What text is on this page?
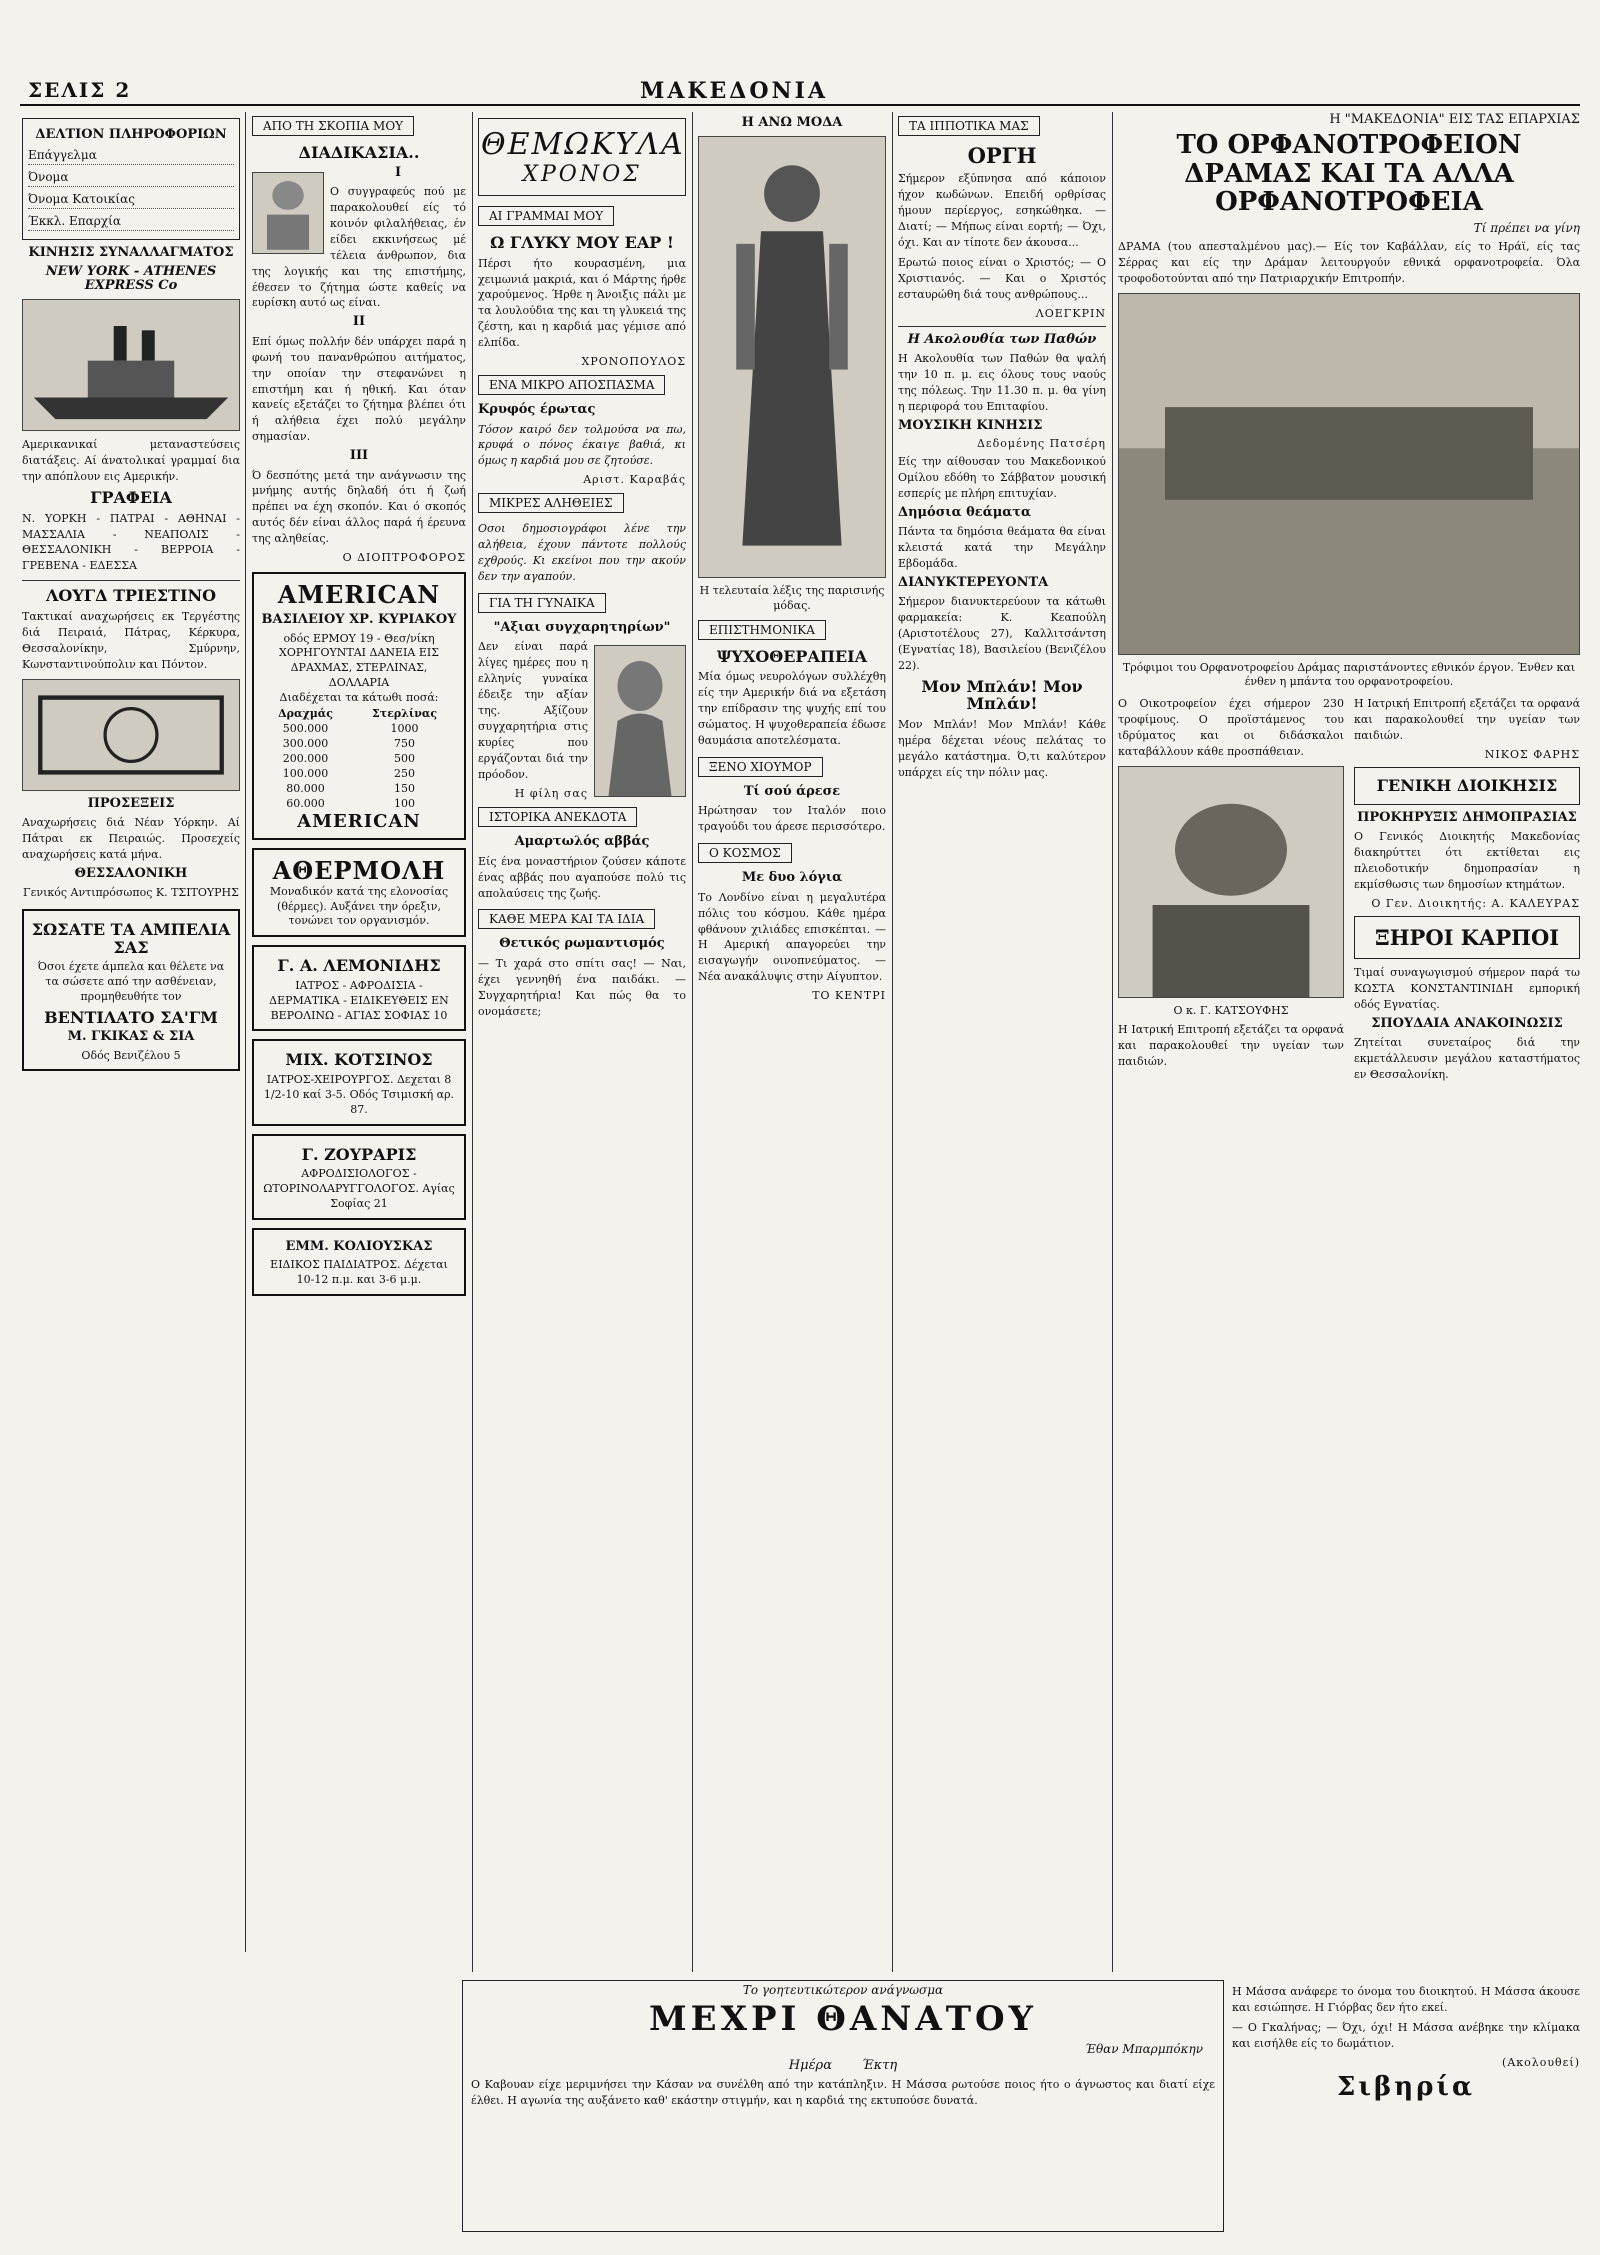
ΣΕΛΙΣ 2	ΜΑΚΕΔΟΝΙΑ
ΔΕΛΤΙΟΝ ΠΛΗΡΟΦΟΡΙΩΝ
Επάγγελμα
Όνομα
Όνομα Κατοικίας
Έκκλ. Επαρχία
ΚΙΝΗΣΙΣ ΣΥΝΑΛΛΑΓΜΑΤΟΣ
NEW YORK - ATHENES EXPRESS Co
Αμερικανικαί μεταναστεύσεις διατάξεις. Αί άνατολικαί γραμμαί δια την απόπλουν εις Αμερικήν.
ΓΡΑΦΕΙΑ
Ν. ΥΟΡΚΗ - ΠΑΤΡΑΙ - ΑΘΗΝΑΙ - ΜΑΣΣΑΛΙΑ - ΝΕΑΠΟΛΙΣ - ΘΕΣΣΑΛΟΝΙΚΗ - ΒΕΡΡΟΙΑ - ΓΡΕΒΕΝΑ - ΕΔΕΣΣΑ
ΛΟΥΓΔ ΤΡΙΕΣΤΙΝΟ
Τακτικαί αναχωρήσεις εκ Τεργέστης διά Πειραιά, Πάτρας, Κέρκυρα, Θεσσαλονίκην, Σμύρνην, Κωνσταντινούπολιν και Πόντον.
ΠΡΟΣΕΞΕΙΣ
Αναχωρήσεις διά Νέαν Υόρκην. Αί Πάτραι εκ Πειραιώς. Προσεχείς αναχωρήσεις κατά μήνα.
ΘΕΣΣΑΛΟΝΙΚΗ
Γενικός Αντιπρόσωπος Κ. ΤΣΙΤΟΥΡΗΣ
ΣΩΣΑΤΕ ΤΑ ΑΜΠΕΛΙΑ ΣΑΣ
Όσοι έχετε άμπελα και θέλετε να τα σώσετε από την ασθένειαν, προμηθευθήτε τον
ΒΕΝΤΙΛΑΤΟ ΣΑ'ΓΜ
Μ. ΓΚΙΚΑΣ & ΣΙΑ
Οδός Βενιζέλου 5
ΑΠΟ ΤΗ ΣΚΟΠΙΑ ΜΟΥ
ΔΙΑΔΙΚΑΣΙΑ..
I
Ο συγγραφεύς πού με παρακολουθεί είς τό κοινόν φιλαλήθειας, έν είδει εκκινήσεως μέ τέλεια άνθρωπον, δια της λογικής και της επιστήμης, έθεσεν το ζήτημα ώστε καθείς να ευρίσκη αυτό ως είναι.
II
Επί όμως πολλήν δέν υπάρχει παρά η φωνή του πανανθρώπου αιτήματος, την οποίαν την στεφανώνει η επιστήμη και ή ηθική. Και όταν κανείς εξετάζει το ζήτημα βλέπει ότι ή αλήθεια έχει πολύ μεγάλην σημασίαν.
III
Ό δεσπότης μετά την ανάγνωσιν της μνήμης αυτής δηλαδή ότι ή ζωή πρέπει να έχη σκοπόν. Και ό σκοπός αυτός δέν είναι άλλος παρά ή έρευνα της αληθείας.
Ο ΔΙΟΠΤΡΟΦΟΡΟΣ
AMERICAN
ΒΑΣΙΛΕΙΟΥ ΧΡ. ΚΥΡΙΑΚΟΥ
οδός ΕΡΜΟΥ 19 - Θεσ/νίκη
ΧΟΡΗΓΟΥΝΤΑΙ ΔΑΝΕΙΑ ΕΙΣ ΔΡΑΧΜΑΣ, ΣΤΕΡΛΙΝΑΣ, ΔΟΛΛΑΡΙΑ
Διαδέχεται τα κάτωθι ποσά:
Δραχμάς	Στερλίνας
500.000	1000
300.000	750
200.000	500
100.000	250
80.000	150
60.000	100
AMERICAN
ΑΘΕΡΜΟΛΗ
Μοναδικόν κατά της ελονοσίας (θέρμες). Αυξάνει την όρεξιν, τονώνει τον οργανισμόν.
Γ. Α. ΛΕΜΟΝΙΔΗΣ
ΙΑΤΡΟΣ - ΑΦΡΟΔΙΣΙΑ - ΔΕΡΜΑΤΙΚΑ - ΕΙΔΙΚΕΥΘΕΙΣ ΕΝ ΒΕΡΟΛΙΝΩ - ΑΓΙΑΣ ΣΟΦΙΑΣ 10
ΜΙΧ. ΚΟΤΣΙΝΟΣ
ΙΑΤΡΟΣ-ΧΕΙΡΟΥΡΓΟΣ. Δεχεται 8 1/2-10 καί 3-5. Οδός Τσιμισκή αρ. 87.
Γ. ΖΟΥΡΑΡΙΣ
ΑΦΡΟΔΙΣΙΟΛΟΓΟΣ - ΩΤΟΡΙΝΟΛΑΡΥΓΓΟΛΟΓΟΣ. Αγίας Σοφίας 21
ΕΜΜ. ΚΟΛΙΟΥΣΚΑΣ
ΕΙΔΙΚΟΣ ΠΑΙΔΙΑΤΡΟΣ. Δέχεται 10-12 π.μ. και 3-6 μ.μ.
ΘΕΜΩΚΥΛΑ
ΧΡΟΝΟΣ
ΑΙ ΓΡΑΜΜΑΙ ΜΟΥ
Ω ΓΛΥΚΥ ΜΟΥ ΕΑΡ !
Πέρσι ήτο κουρασμένη, μια χειμωνιά μακριά, και ό Μάρτης ήρθε χαρούμενος. Ήρθε η Άνοιξις πάλι με τα λουλούδια της και τη γλυκειά της ζέστη, και η καρδιά μας γέμισε από ελπίδα.
ΧΡΟΝΟΠΟΥΛΟΣ
ΕΝΑ ΜΙΚΡΟ ΑΠΟΣΠΑΣΜΑ
Κρυφός έρωτας
Τόσον καιρό δεν τολμούσα να πω, κρυφά ο πόνος έκαιγε βαθιά, κι όμως η καρδιά μου σε ζητούσε.
Αριστ. Καραβάς
ΜΙΚΡΕΣ ΑΛΗΘΕΙΕΣ
Οσοι δημοσιογράφοι λένε την αλήθεια, έχουν πάντοτε πολλούς εχθρούς. Κι εκείνοι που την ακούν δεν την αγαπούν.
ΓΙΑ ΤΗ ΓΥΝΑΙΚΑ
"Αξιαι συγχαρητηρίων"
Δεν είναι παρά λίγες ημέρες που η ελληνίς γυναίκα έδειξε την αξίαν της. Αξίζουν συγχαρητήρια στις κυρίες που εργάζονται διά την πρόοδον.
Η φίλη σας
ΙΣΤΟΡΙΚΑ ΑΝΕΚΔΟΤΑ
Αμαρτωλός αββάς
Είς ένα μοναστήριον ζούσεν κάποτε ένας αββάς που αγαπούσε πολύ τις απολαύσεις της ζωής.
ΚΑΘΕ ΜΕΡΑ ΚΑΙ ΤΑ ΙΔΙΑ
Θετικός ρωμαντισμός
— Τι χαρά στο σπίτι σας! — Ναι, έχει γεννηθή ένα παιδάκι. — Συγχαρητήρια! Και πώς θα το ονομάσετε;
Η ΑΝΩ ΜΟΔΑ
Η τελευταία λέξις της παρισινής μόδας.
ΕΠΙΣΤΗΜΟΝΙΚΑ
ΨΥΧΟΘΕΡΑΠΕΙΑ
Μία όμως νευρολόγων συλλέχθη είς την Αμερικήν διά να εξετάση την επίδρασιν της ψυχής επί του σώματος. Η ψυχοθεραπεία έδωσε θαυμάσια αποτελέσματα.
ΞΕΝΟ ΧΙΟΥΜΟΡ
Τί σού άρεσε
Ηρώτησαν τον Ιταλόν ποιο τραγούδι του άρεσε περισσότερο.
Ο ΚΟΣΜΟΣ
Με δυο λόγια
Το Λονδίνο είναι η μεγαλυτέρα πόλις του κόσμου. Κάθε ημέρα φθάνουν χιλιάδες επισκέπται. — Η Αμερική απαγορεύει την εισαγωγήν οινοπνεύματος. — Νέα ανακάλυψις στην Αίγυπτον.
ΤΟ ΚΕΝΤΡΙ
ΤΑ ΙΠΠΟΤΙΚΑ ΜΑΣ
ΟΡΓΗ
Σήμερον εξύπνησα από κάποιον ήχον κωδώνων. Επειδή ορθρίσας ήμουν περίεργος, εσηκώθηκα. — Διατί; — Μήπως είναι εορτή; — Όχι, όχι. Και αν τίποτε δεν άκουσα...
Ερωτώ ποιος είναι ο Χριστός; — Ο Χριστιανός. — Και ο Χριστός εσταυρώθη διά τους ανθρώπους...
ΛΟΕΓΚΡΙΝ
Η Ακολουθία των Παθών
Η Ακολουθία των Παθών θα ψαλή την 10 π. μ. εις όλους τους ναούς της πόλεως. Την 11.30 π. μ. θα γίνη η περιφορά του Επιταφίου.
ΜΟΥΣΙΚΗ ΚΙΝΗΣΙΣ
Δεδομένης Πατσέρη
Είς την αίθουσαν του Μακεδονικού Ομίλου εδόθη το Σάββατον μουσική εσπερίς με πλήρη επιτυχίαν.
Δημόσια θεάματα
Πάντα τα δημόσια θεάματα θα είναι κλειστά κατά την Μεγάλην Εβδομάδα.
ΔΙΑΝΥΚΤΕΡΕΥΟΝΤΑ
Σήμερον διανυκτερεύουν τα κάτωθι φαρμακεία: Κ. Κεαπούλη (Αριστοτέλους 27), Καλλιτσάντση (Εγνατίας 18), Βασιλείου (Βενιζέλου 22).
Μον Μπλάν! Μον Μπλάν!
Μον Μπλάν! Μον Μπλάν! Κάθε ημέρα δέχεται νέους πελάτας το μεγάλο κατάστημα. Ό,τι καλύτερον υπάρχει είς την πόλιν μας.
Η "ΜΑΚΕΔΟΝΙΑ" ΕΙΣ ΤΑΣ ΕΠΑΡΧΙΑΣ
ΤΟ ΟΡΦΑΝΟΤΡΟΦΕΙΟΝ ΔΡΑΜΑΣ ΚΑΙ ΤΑ ΑΛΛΑ ΟΡΦΑΝΟΤΡΟΦΕΙΑ
Τί πρέπει να γίνη
ΔΡΑΜΑ (του απεσταλμένου μας).— Είς τον Καβάλλαν, είς το Ηράϊ, είς τας Σέρρας και είς την Δράμαν λειτουργούν εθνικά ορφανοτροφεία. Όλα τροφοδοτούνται από την Πατριαρχικήν Επιτροπήν.
Τρόφιμοι του Ορφανοτροφείου Δράμας παριστάνοντες εθνικόν έργον. Ένθεν και ένθεν η μπάντα του ορφανοτροφείου.
Ο Οικοτροφείον έχει σήμερον 230 τροφίμους. Ο προϊστάμενος του ιδρύματος και οι διδάσκαλοι καταβάλλουν κάθε προσπάθειαν.
Ο κ. Γ. ΚΑΤΣΟΥΦΗΣ
Η Ιατρική Επιτροπή εξετάζει τα ορφανά και παρακολουθεί την υγείαν των παιδιών.
Η Ιατρική Επιτροπή εξετάζει τα ορφανά και παρακολουθεί την υγείαν των παιδιών.
ΝΙΚΟΣ ΦΑΡΗΣ
ΓΕΝΙΚΗ ΔΙΟΙΚΗΣΙΣ
ΠΡΟΚΗΡΥΞΙΣ ΔΗΜΟΠΡΑΣΙΑΣ
Ο Γενικός Διοικητής Μακεδονίας διακηρύττει ότι εκτίθεται εις πλειοδοτικήν δημοπρασίαν η εκμίσθωσις των δημοσίων κτημάτων.
Ο Γεν. Διοικητής: Α. ΚΑΛΕΥΡΑΣ
ΞΗΡΟΙ ΚΑΡΠΟΙ
Τιμαί συναγωγισμού σήμερον παρά τω ΚΩΣΤΑ ΚΟΝΣΤΑΝΤΙΝΙΔΗ εμπορική οδός Εγνατίας.
ΣΠΟΥΔΑΙΑ ΑΝΑΚΟΙΝΩΣΙΣ
Ζητείται συνεταίρος διά την εκμετάλλευσιν μεγάλου καταστήματος εν Θεσσαλονίκη.
Το γοητευτικώτερον ανάγνωσμα
ΜΕΧΡΙ ΘΑΝΑΤΟΥ
Έθαν Μπαρμπόκην
Ημέρα Έκτη
Ο Καβουαν είχε μεριμνήσει την Κάσαν να συνέλθη από την κατάπληξιν. Η Μάσσα ρωτούσε ποιος ήτο ο άγνωστος και διατί είχε έλθει. Η αγωνία της αυξάνετο καθ' εκάστην στιγμήν, και η καρδιά της εκτυπούσε δυνατά.
Η Μάσσα ανάφερε το όνομα του διοικητού. Η Μάσσα άκουσε και εσιώπησε. Η Γιόρβας δεν ήτο εκεί.
— Ο Γκαλήνας; — Όχι, όχι! Η Μάσσα ανέβηκε την κλίμακα και εισήλθε είς το δωμάτιον.
(Ακολουθεί)
Σιβηρία
